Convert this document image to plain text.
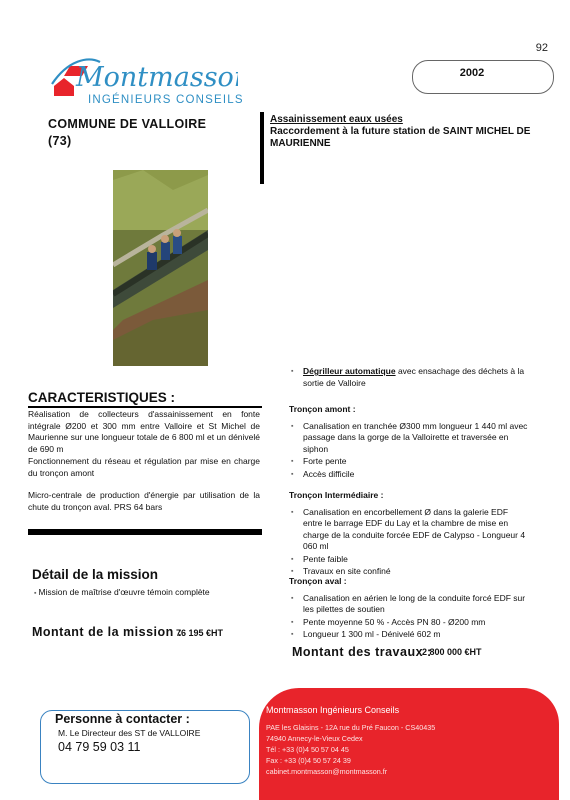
92
Montmasson
INGÉNIEURS CONSEILS
2002
COMMUNE DE VALLOIRE
(73)
Assainissement eaux usées
Raccordement à la future station de SAINT MICHEL DE MAURIENNE
CARACTERISTIQUES :
Réalisation de collecteurs d'assainissement en fonte intégrale Ø200 et 300 mm entre Valloire et St Michel de Maurienne sur une longueur totale de 6 800 ml et un dénivelé de 690 m
Fonctionnement du réseau et régulation par mise en charge du tronçon amont
Micro-centrale de production d'énergie par utilisation de la chute du tronçon aval. PRS 64 bars
Détail de la mission
▪ Mission de maîtrise d'œuvre témoin complète
Montant de la mission :
76 195 €HT
Personne à contacter :
M. Le Directeur des ST de VALLOIRE
04 79 59 03 11
▪ Dégrilleur automatique avec ensachage des déchets à la sortie de Valloire
Tronçon amont :
▪ Canalisation en tranchée Ø300 mm longueur 1 440 ml avec passage dans la gorge de la Valloirette et traversée en siphon
▪ Forte pente
▪ Accès difficile
Tronçon Intermédiaire :
▪ Canalisation en encorbellement Ø dans la galerie EDF entre le barrage EDF du Lay et la chambre de mise en charge de la conduite forcée EDF de Calypso - Longueur 4 060 ml
▪ Pente faible
▪ Travaux en site confiné
Tronçon aval :
▪ Canalisation en aérien le long de la conduite forcé EDF sur les pilettes de soutien
▪ Pente moyenne 50 % - Accès PN 80 - Ø200 mm
▪ Longueur 1 300 ml - Dénivelé 602 m
Montant des travaux :
2 800 000 €HT
Montmasson Ingénieurs Conseils
PAE les Glaisins - 12A rue du Pré Faucon - CS40435
74940 Annecy-le-Vieux Cedex
Tél : +33 (0)4 50 57 04 45
Fax : +33 (0)4 50 57 24 39
cabinet.montmasson@montmasson.fr
